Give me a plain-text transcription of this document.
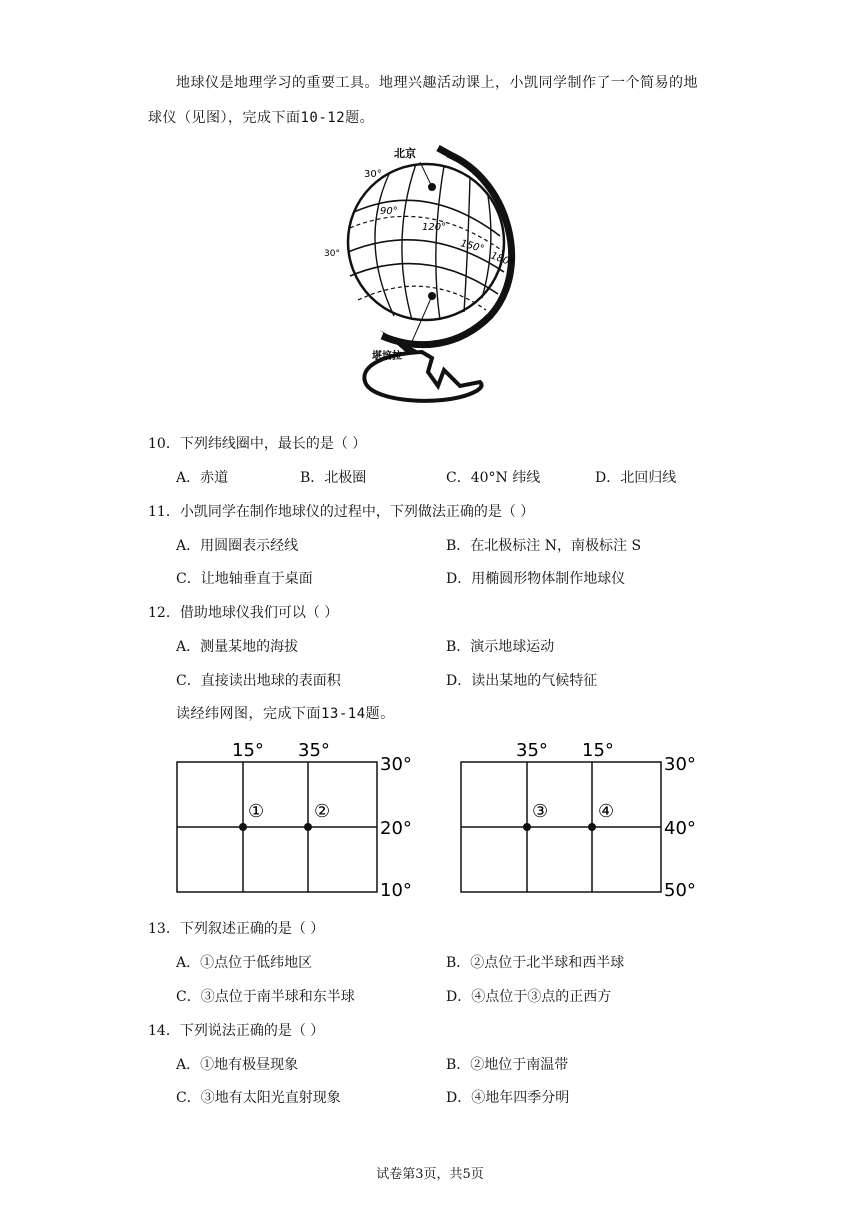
地球仪是地理学习的重要工具。地理兴趣活动课上，小凯同学制作了一个简易的地
球仪（见图），完成下面10-12题。
北京
30°
30°
90°
120°
150°
180°
堪培拉
10．下列纬线圈中，最长的是（ ）
A．赤道	B．北极圈	C．40°N 纬线	D．北回归线
11．小凯同学在制作地球仪的过程中，下列做法正确的是（ ）
A．用圆圈表示经线	B．在北极标注 N，南极标注 S
C．让地轴垂直于桌面	D．用椭圆形物体制作地球仪
12．借助地球仪我们可以（ ）
A．测量某地的海拔	B．演示地球运动
C．直接读出地球的表面积	D．读出某地的气候特征
读经纬网图，完成下面13-14题。
①	②
15° 35°
30°
20°
10°
③	④
35° 15°
30°
40°
50°
13．下列叙述正确的是（ ）
A．①点位于低纬地区	B．②点位于北半球和西半球
C．③点位于南半球和东半球	D．④点位于③点的正西方
14．下列说法正确的是（ ）
A．①地有极昼现象	B．②地位于南温带
C．③地有太阳光直射现象	D．④地年四季分明
试卷第3页，共5页
